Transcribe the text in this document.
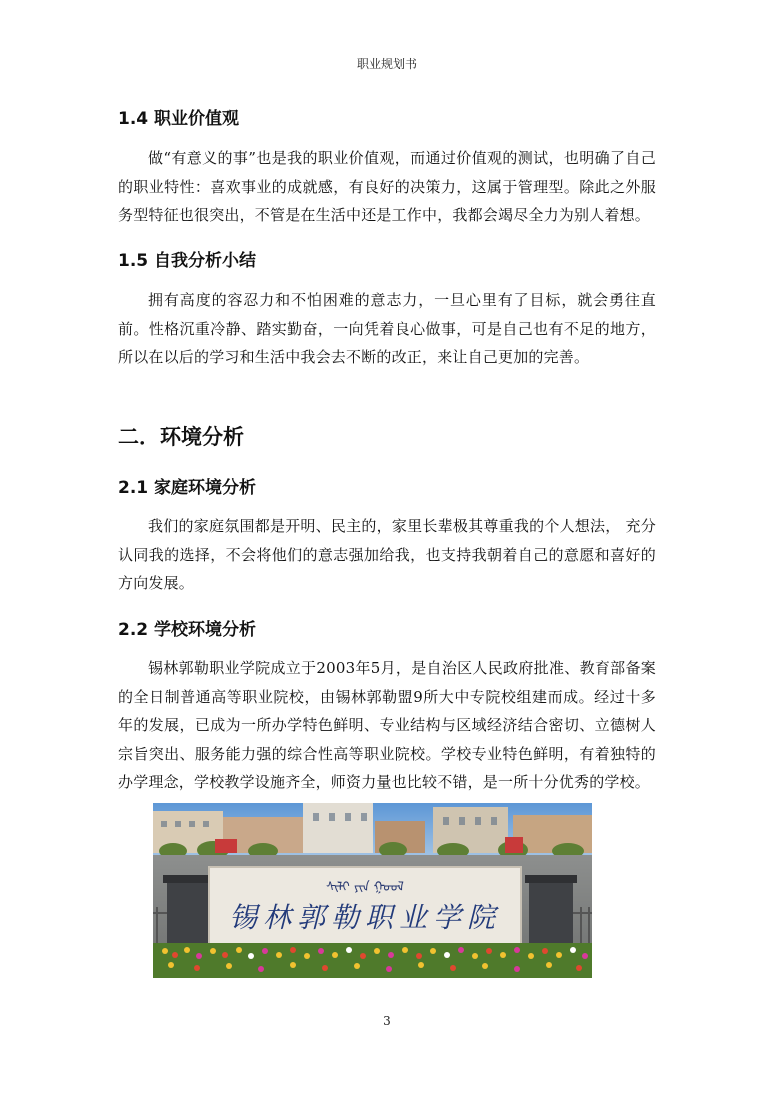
职业规划书
1.4 职业价值观

做“有意义的事”也是我的职业价值观，而通过价值观的测试，也明确了自己的职业特性：喜欢事业的成就感，有良好的决策力，这属于管理型。除此之外服务型特征也很突出，不管是在生活中还是工作中，我都会竭尽全力为别人着想。

1.5 自我分析小结

拥有高度的容忍力和不怕困难的意志力，一旦心里有了目标，就会勇往直前。性格沉重冷静、踏实勤奋，一向凭着良心做事，可是自己也有不足的地方，所以在以后的学习和生活中我会去不断的改正，来让自己更加的完善。

二．环境分析
2.1 家庭环境分析

我们的家庭氛围都是开明、民主的，家里长辈极其尊重我的个人想法， 充分认同我的选择，不会将他们的意志强加给我，也支持我朝着自己的意愿和喜好的方向发展。

2.2 学校环境分析

锡林郭勒职业学院成立于2003年5月，是自治区人民政府批准、教育部备案的全日制普通高等职业院校，由锡林郭勒盟9所大中专院校组建而成。经过十多年的发展，已成为一所办学特色鲜明、专业结构与区域经济结合密切、立德树人宗旨突出、服务能力强的综合性高等职业院校。学校专业特色鲜明，有着独特的办学理念，学校教学设施齐全，师资力量也比较不错，是一所十分优秀的学校。

ᠰᠢᠯᠢ ᠶᠢᠨ ᠭᠣᠣᠯ
锡林郭勒职业学院
3
